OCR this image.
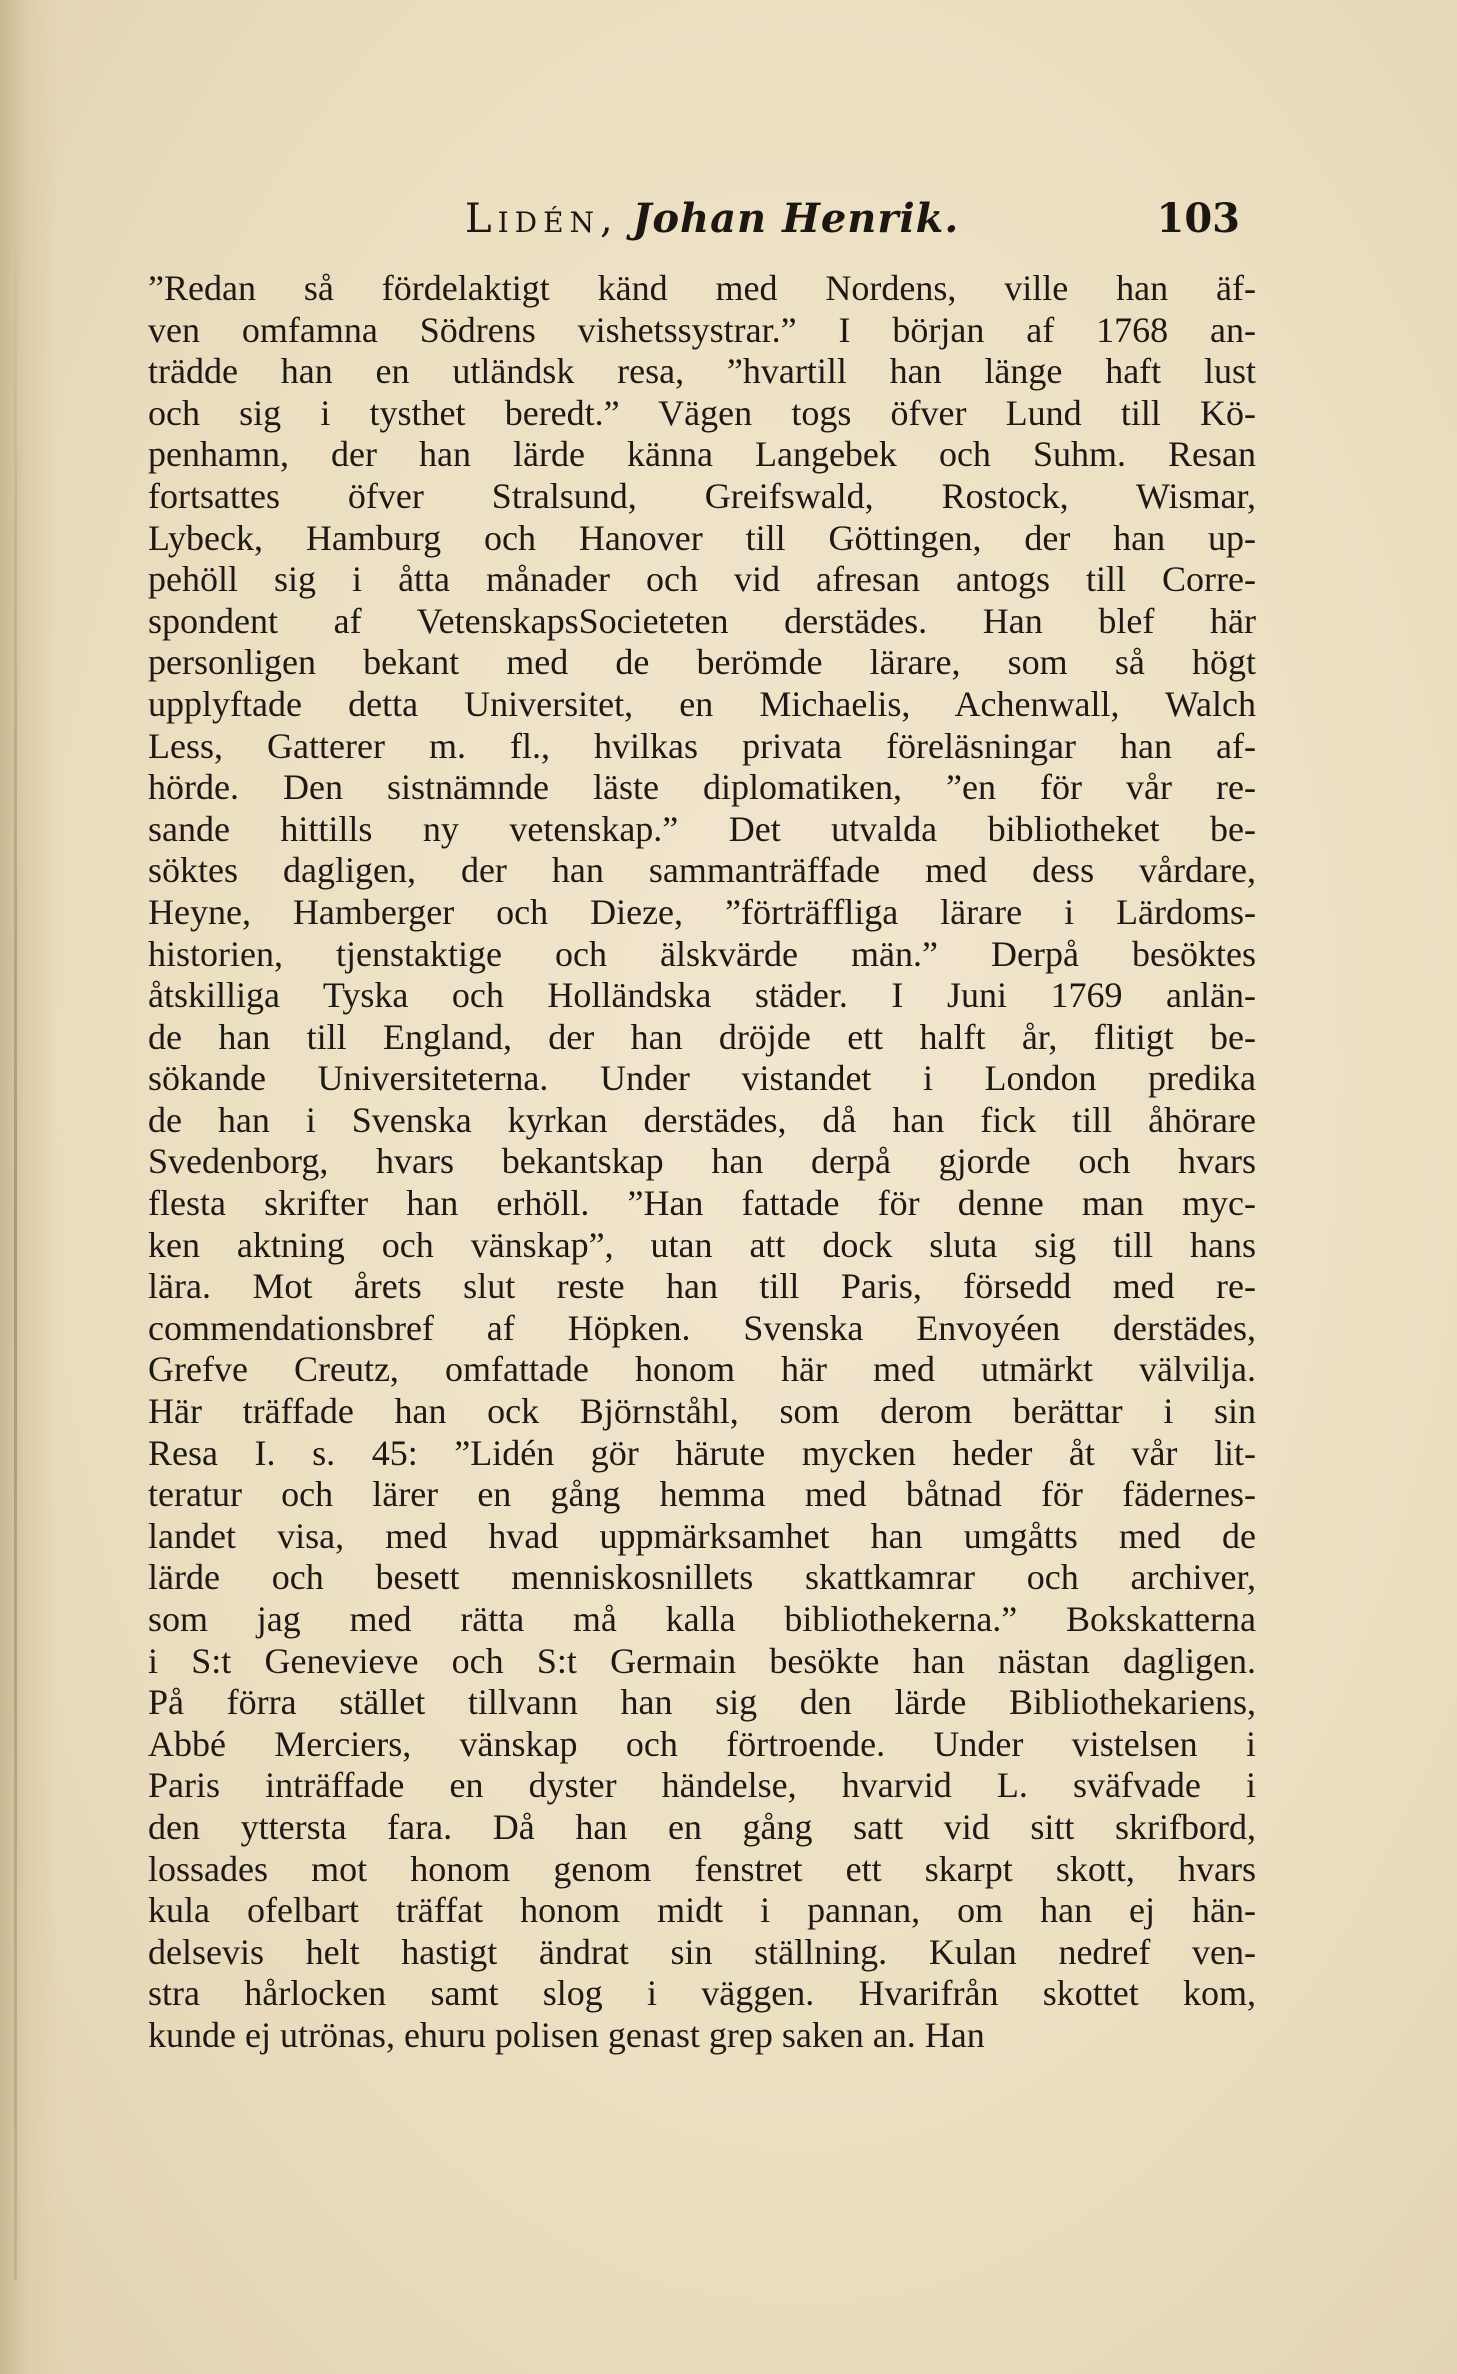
Lidén, Johan Henrik.	103
”Redan så fördelaktigt känd med Nordens, ville han äf-
ven omfamna Södrens vishetssystrar.” I början af 1768 an-
trädde han en utländsk resa, ”hvartill han länge haft lust
och sig i tysthet beredt.” Vägen togs öfver Lund till Kö-
penhamn, der han lärde känna Langebek och Suhm. Resan
fortsattes öfver Stralsund, Greifswald, Rostock, Wismar,
Lybeck, Hamburg och Hanover till Göttingen, der han up-
pehöll sig i åtta månader och vid afresan antogs till Corre-
spondent af VetenskapsSocieteten derstädes. Han blef här
personligen bekant med de berömde lärare, som så högt
upplyftade detta Universitet, en Michaelis, Achenwall, Walch
Less, Gatterer m. fl., hvilkas privata föreläsningar han af-
hörde. Den sistnämnde läste diplomatiken, ”en för vår re-
sande hittills ny vetenskap.” Det utvalda bibliotheket be-
söktes dagligen, der han sammanträffade med dess vårdare,
Heyne, Hamberger och Dieze, ”förträffliga lärare i Lärdoms-
historien, tjenstaktige och älskvärde män.” Derpå besöktes
åtskilliga Tyska och Holländska städer. I Juni 1769 anlän-
de han till England, der han dröjde ett halft år, flitigt be-
sökande Universiteterna. Under vistandet i London predika
de han i Svenska kyrkan derstädes, då han fick till åhörare
Svedenborg, hvars bekantskap han derpå gjorde och hvars
flesta skrifter han erhöll. ”Han fattade för denne man myc-
ken aktning och vänskap”, utan att dock sluta sig till hans
lära. Mot årets slut reste han till Paris, försedd med re-
commendationsbref af Höpken. Svenska Envoyéen derstädes,
Grefve Creutz, omfattade honom här med utmärkt välvilja.
Här träffade han ock Björnståhl, som derom berättar i sin
Resa I. s. 45: ”Lidén gör härute mycken heder åt vår lit-
teratur och lärer en gång hemma med båtnad för fädernes-
landet visa, med hvad uppmärksamhet han umgåtts med de
lärde och besett menniskosnillets skattkamrar och archiver,
som jag med rätta må kalla bibliothekerna.” Bokskatterna
i S:t Genevieve och S:t Germain besökte han nästan dagligen.
På förra stället tillvann han sig den lärde Bibliothekariens,
Abbé Merciers, vänskap och förtroende. Under vistelsen i
Paris inträffade en dyster händelse, hvarvid L. sväfvade i
den yttersta fara. Då han en gång satt vid sitt skrifbord,
lossades mot honom genom fenstret ett skarpt skott, hvars
kula ofelbart träffat honom midt i pannan, om han ej hän-
delsevis helt hastigt ändrat sin ställning. Kulan nedref ven-
stra hårlocken samt slog i väggen. Hvarifrån skottet kom,
kunde ej utrönas, ehuru polisen genast grep saken an. Han
